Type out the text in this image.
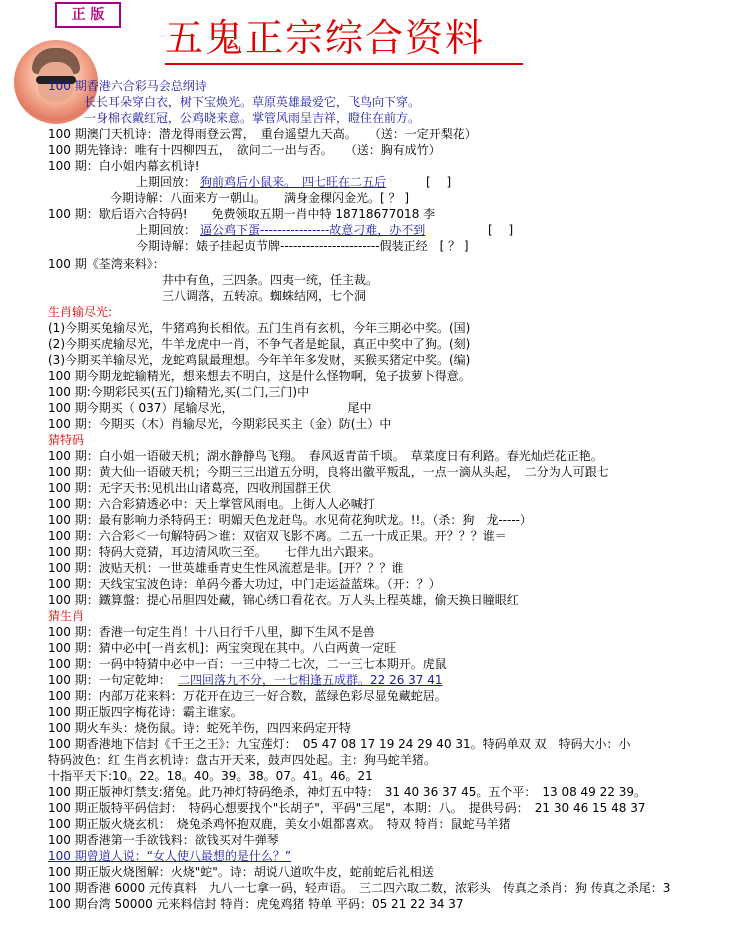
正 版
五鬼正宗综合资料
100 期香港六合彩马会总纲诗
长长耳朵穿白衣，树下宝焕光。草原英雄最爱它，飞鸟向下穿。
一身棉衣戴红冠，公鸡晓来意。掌管风雨呈吉祥，瞪住在前方。
100 期澳门天机诗：潜龙得雨登云霄，　重台遥望九天高。　　（送：一定开梨花）
100 期先锋诗：唯有十四柳四五，　欲问二一出与否。　　（送：胸有成竹）
100 期：白小姐内幕玄机诗!
上期回放： 狗前鸡后小鼠来。　四七旺在二五后	[　 ]
今期诗解：八面来方一朝山。　　满身金稞闪金光。[ ？ ]
100 期：歇后语六合特码!　　免费领取五期一肖中特 18718677018 李
上期回放： 逼公鸡下蛋----------------故意刁难，办不到	[　 ]
今期诗解：婊子挂起贞节牌-----------------------假装正经　[ ？ ]
100 期《荃湾来料》：
井中有鱼，三四条。四夷一统，任主裁。
三八调落，五转凉。蜘蛛结网，七个洞
生肖输尽光:
(1)今期买兔输尽光，牛猪鸡狗长相依。五门生肖有玄机，今年三期必中奖。(国)
(2)今期买虎输尽光，牛羊龙虎中一肖，不争气者是蛇鼠，真正中奖中了狗。(刻)
(3)今期买羊输尽光，龙蛇鸡鼠最理想。今年羊年多发财，买猴买猪定中奖。(编)
100 期今期龙蛇输精光，想来想去不明白，这是什么怪物啊，兔子拔萝卜得意。
100 期:今期彩民买(五门)输精光,买(二门,三门)中
100 期今期买（ 037）尾输尽光，　　　　　　　　　　尾中
100 期：今期买（木）肖输尽光，今期彩民买主（金）防(土）中
猜特码
100 期：白小姐一语破天机；湖水静静鸟飞翔。　春风返青苗千顷。　草菜度日有利路。春光灿烂花正艳。
100 期：黄大仙一语破天机；今期三三出道五分明，良将出徽平叛乱，一点一滴从头起，　二分为人可跟七
100 期：无字天书:见机出山诸葛亮，四收刑国群王伏
100 期：六合彩猜透必中：天上掌管风雨电。上街人人必喊打
100 期：最有影响力杀特码王：明媚天色龙赶鸟。水见荷花狗吠龙。!!。（杀：狗　龙-----）
100 期：六合彩＜一句解特码＞谁：双宿双飞影不离。二五一十成正果。开？？？谁＝
100 期：特码大竞猜，耳边清风吹三至。　　七伴九出六跟来。
100 期：波贴天机：一世英雄垂青史生性风流惹是非。[开？？？谁
100 期：天线宝宝波色诗：单码今番大功过，中门走运益蓝珠。（开：？）
100 期：鐵算盤：提心吊胆四处藏，锦心绣口看花衣。万人头上程英雄，偷天换日瞳眼红
猜生肖
100 期：香港一句定生肖！十八日行千八里，脚下生风不是兽
100 期：猜中必中[一肖玄机]：两宝突现在其中。八白两黄一定旺
100 期：一码中特猜中必中一百：一三中特二七次，二一三七本期开。虎鼠
100 期：一句定乾坤： 二四回落九不分，一七相逢五成群。22 26 37 41
100 期：内部万花来料：万花开在边三一好合数，蓝绿色彩尽显兔藏蛇居。
100 期正版四字梅花诗：霸主谁家。
100 期火车头：烧伤鼠。诗：蛇死羊伤，四四来码定开特
100 期香港地下信封《千王之王》：九宝莲灯：　05 47 08 17 19 24 29 40 31。特码单双 双　特码大小：小
特码波色：红 生肖玄机诗：盘古开天来，鼓声四处起。主：狗马蛇羊猪。
十指平天下:10。22。18。40。39。38。07。41。46。21
100 期正版神灯禁支:猪兔。此乃神灯特码绝杀，神灯五中特：　31 40 36 37 45。五个平：　13 08 49 22 39。
100 期正版特平码信封：　特码心想要找个"长胡子"，平码"三尾"，本期：八。　提供号码：　21 30 46 15 48 37
100 期正版火烧玄机：　烧兔杀鸡怀抱双鹿，美女小姐都喜欢。　特双 特肖：鼠蛇马羊猪
100 期香港第一手欲钱料：欲钱买对牛弹琴
100 期曾道人说：“女人使八最想的是什么？”
100 期正版火烧图解：火烧"蛇"。诗：胡说八道吹牛皮，蛇前蛇后礼相送
100 期香港 6000 元传真料　九八一七拿一码，轻声语。　三二四六取二数，浓彩头　传真之杀肖：狗 传真之杀尾：3
100 期台湾 50000 元来料信封 特肖：虎兔鸡猪 特单 平码：05 21 22 34 37
